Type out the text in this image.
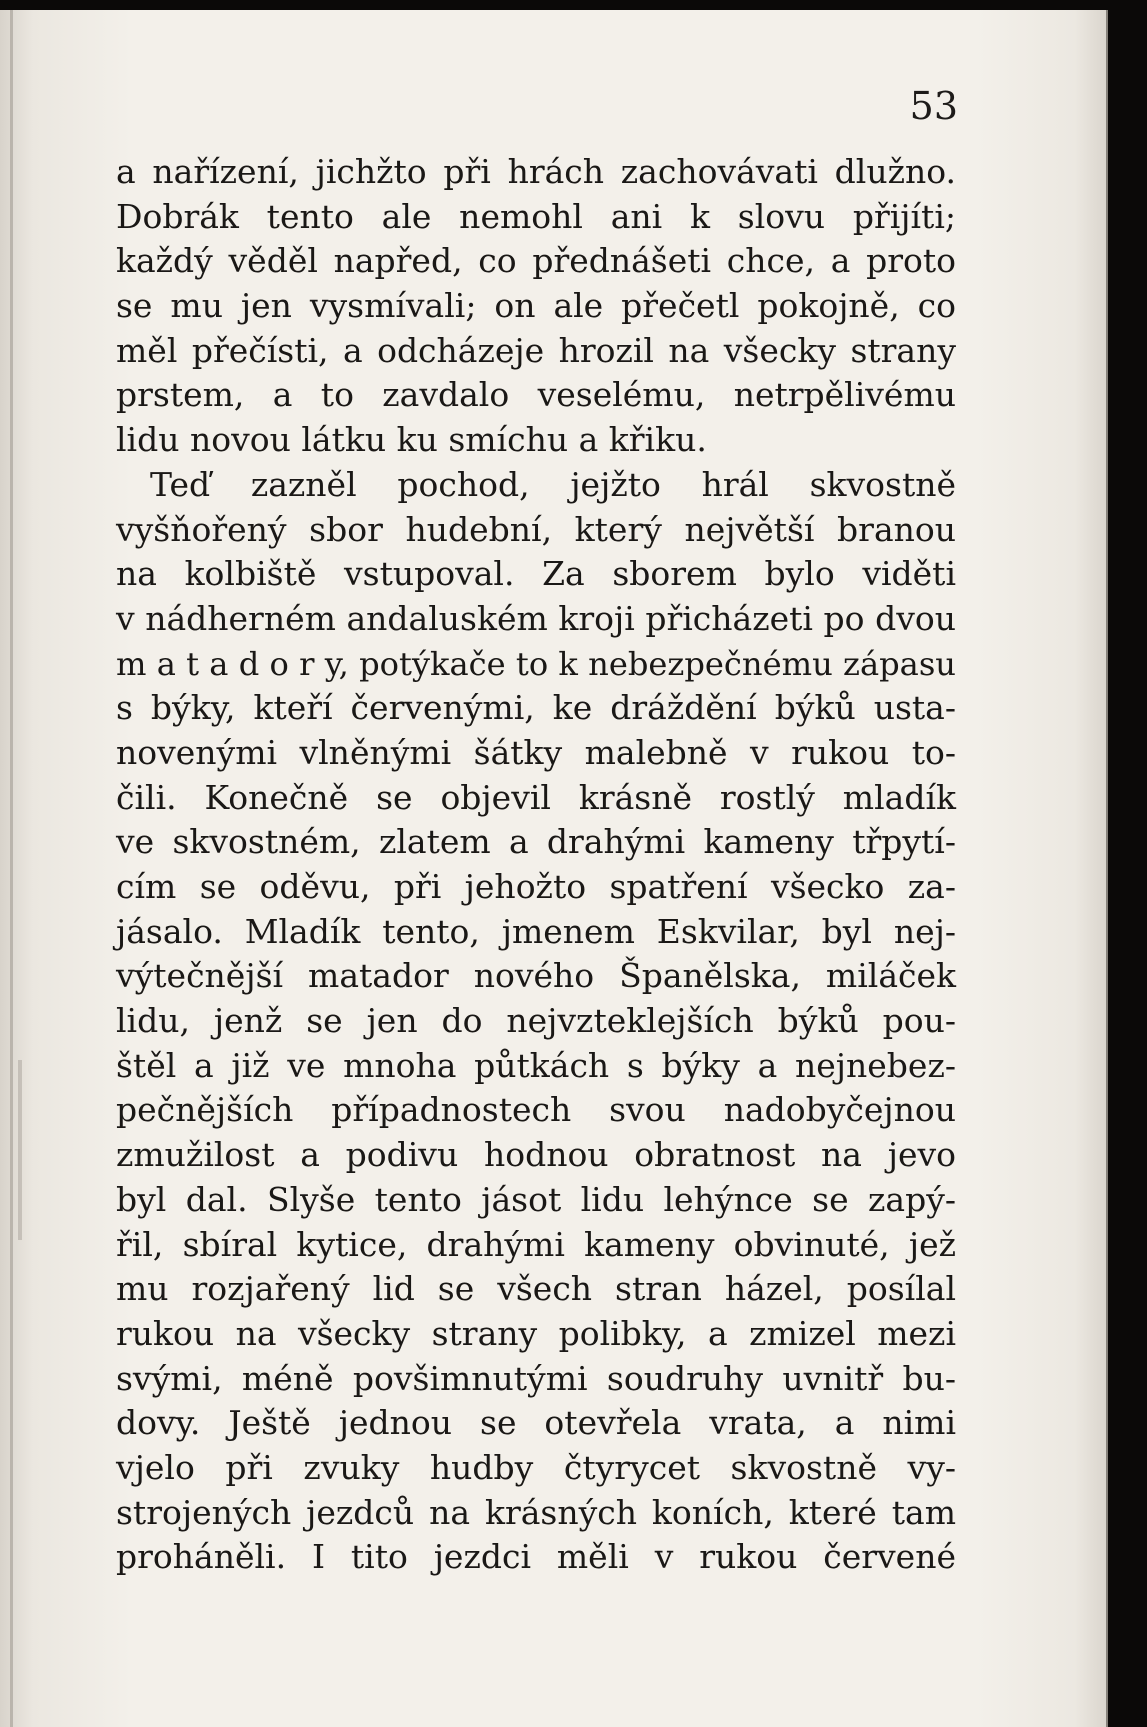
53
a nařízení, jichžto při hrách zachovávati dlužno.
Dobrák tento ale nemohl ani k slovu přijíti;
každý věděl napřed, co přednášeti chce, a proto
se mu jen vysmívali; on ale přečetl pokojně, co
měl přečísti, a odcházeje hrozil na všecky strany
prstem, a to zavdalo veselému, netrpělivému
lidu novou látku ku smíchu a křiku.
Teď zazněl pochod, jejžto hrál skvostně
vyšňořený sbor hudební, který největší branou
na kolbiště vstupoval. Za sborem bylo viděti
v nádherném andaluském kroji přicházeti po dvou
m a t a d o r y, potýkače to k nebezpečnému zápasu
s býky, kteří červenými, ke dráždění býků usta-
novenými vlněnými šátky malebně v rukou to-
čili. Konečně se objevil krásně rostlý mladík
ve skvostném, zlatem a drahými kameny třpytí-
cím se oděvu, při jehožto spatření všecko za-
jásalo. Mladík tento, jmenem Eskvilar, byl nej-
výtečnější matador nového Španělska, miláček
lidu, jenž se jen do nejvzteklejších býků pou-
štěl a již ve mnoha půtkách s býky a nejnebez-
pečnějších případnostech svou nadobyčejnou
zmužilost a podivu hodnou obratnost na jevo
byl dal. Slyše tento jásot lidu lehýnce se zapý-
řil, sbíral kytice, drahými kameny obvinuté, jež
mu rozjařený lid se všech stran házel, posílal
rukou na všecky strany polibky, a zmizel mezi
svými, méně povšimnutými soudruhy uvnitř bu-
dovy. Ještě jednou se otevřela vrata, a nimi
vjelo při zvuky hudby čtyrycet skvostně vy-
strojených jezdců na krásných koních, které tam
proháněli. I tito jezdci měli v rukou červené
